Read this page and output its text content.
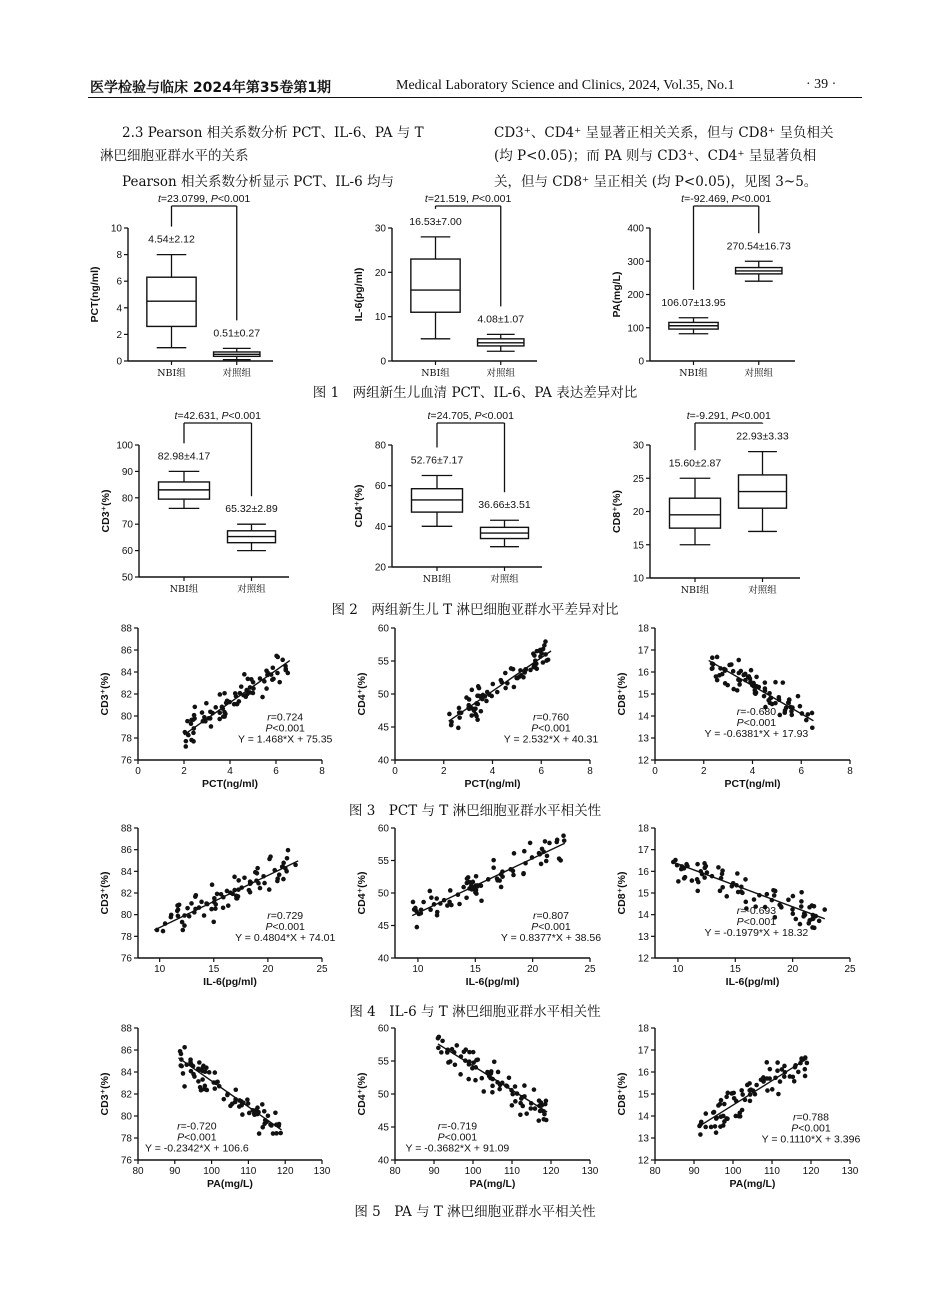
医学检验与临床 2024年第35卷第1期	Medical Laboratory Science and Clinics, 2024, Vol.35, No.1	· 39 ·
2.3 Pearson 相关系数分析 PCT、IL-6、PA 与 T
淋巴细胞亚群水平的关系
Pearson 相关系数分析显示 PCT、IL-6 均与
CD3⁺、CD4⁺ 呈显著正相关关系，但与 CD8⁺ 呈负相关
(均 P<0.05)；而 PA 则与 CD3⁺、CD4⁺ 呈显著负相
关，但与 CD8⁺ 呈正相关 (均 P<0.05)，见图 3~5。
0
2
4
6
8
10
PCT(ng/ml)
NBI组
4.54±2.12
对照组
0.51±0.27
t=23.0799, P<0.001
0
10
20
30
IL-6(pg/ml)
NBI组
16.53±7.00
对照组
4.08±1.07
t=21.519, P<0.001
0
100
200
300
400
PA(mg/L)
NBI组
106.07±13.95
对照组
270.54±16.73
t=-92.469, P<0.001
50
60
70
80
90
100
CD3⁺(%)
NBI组
82.98±4.17
对照组
65.32±2.89
t=42.631, P<0.001
20
40
60
80
CD4⁺(%)
NBI组
52.76±7.17
对照组
36.66±3.51
t=24.705, P<0.001
10
15
20
25
30
CD8⁺(%)
NBI组
15.60±2.87
对照组
22.93±3.33
t=-9.291, P<0.001
76
78
80
82
84
86
88
CD3⁺(%)
0	2	4	6	8
PCT(ng/ml)
r=0.724
P<0.001
Y = 1.468*X + 75.35
40
45
50
55
60
CD4⁺(%)
0	2	4	6	8
PCT(ng/ml)
r=0.760
P<0.001
Y = 2.532*X + 40.31
12
13
14
15
16
17
18
CD8⁺(%)
0	2	4	6	8
PCT(ng/ml)
r=-0.680
P<0.001
Y = -0.6381*X + 17.93
76
78
80
82
84
86
88
CD3⁺(%)
10	15	20	25
IL-6(pg/ml)
r=0.729
P<0.001
Y = 0.4804*X + 74.01
40
45
50
55
60
CD4⁺(%)
10	15	20	25
IL-6(pg/ml)
r=0.807
P<0.001
Y = 0.8377*X + 38.56
12
13
14
15
16
17
18
CD8⁺(%)
10	15	20	25
IL-6(pg/ml)
r=-0.693
P<0.001
Y = -0.1979*X + 18.32
76
78
80
82
84
86
88
CD3⁺(%)
80	90 100 110 120 130
PA(mg/L)
r=-0.720
P<0.001
Y = -0.2342*X + 106.6
40
45
50
55
60
CD4⁺(%)
80	90	100 110 120 130
PA(mg/L)
r=-0.719
P<0.001
Y = -0.3682*X + 91.09
12
13
14
15
16
17
18
CD8⁺(%)
80	90	100 110 120 130
PA(mg/L)
r=0.788
P<0.001
Y = 0.1110*X + 3.396
图 1　两组新生儿血清 PCT、IL-6、PA 表达差异对比
图 2　两组新生儿 T 淋巴细胞亚群水平差异对比
图 3　PCT 与 T 淋巴细胞亚群水平相关性
图 4　IL-6 与 T 淋巴细胞亚群水平相关性
图 5　PA 与 T 淋巴细胞亚群水平相关性
